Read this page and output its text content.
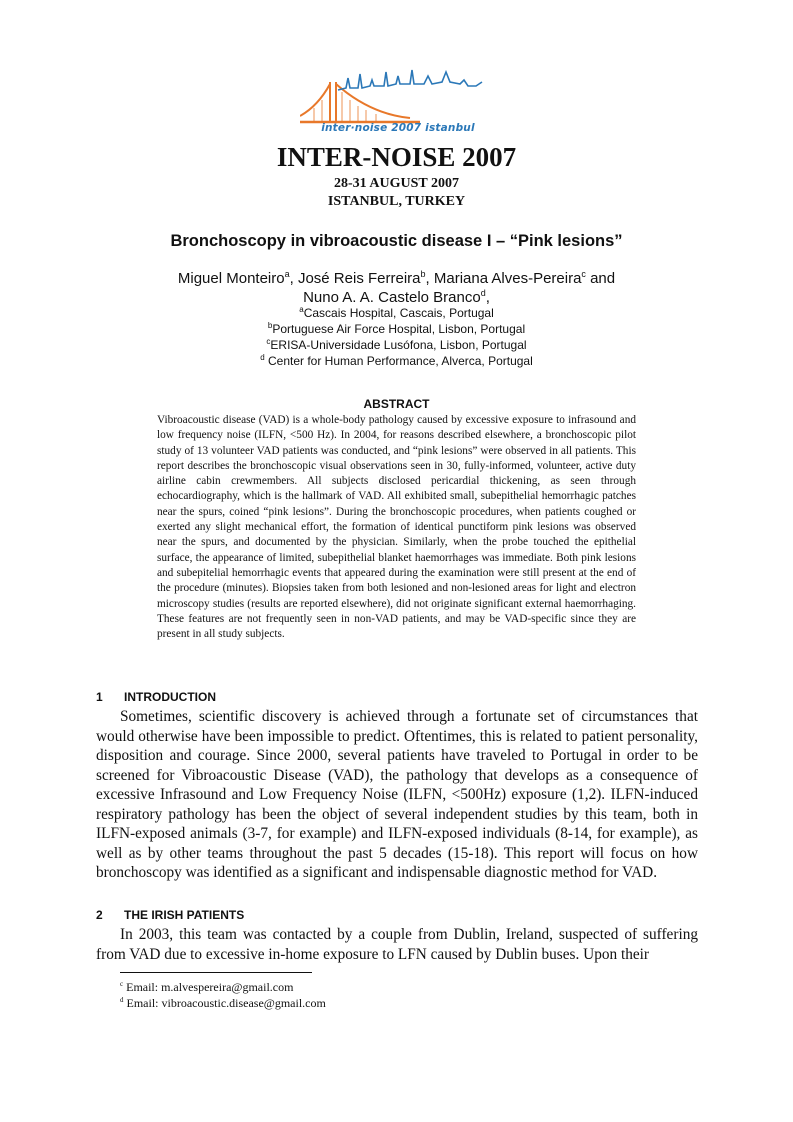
inter·noise 2007 istanbul
INTER-NOISE 2007
28-31 AUGUST 2007
ISTANBUL, TURKEY
Bronchoscopy in vibroacoustic disease I – “Pink lesions”
Miguel Monteiro$^a$, José Reis Ferreira$^b$, Mariana Alves-Pereira$^c$ and
Nuno A. A. Castelo Branco$^d$,
$^a$Cascais Hospital, Cascais, Portugal
$^b$Portuguese Air Force Hospital, Lisbon, Portugal
$^c$ERISA-Universidade Lusófona, Lisbon, Portugal
$^d$ Center for Human Performance, Alverca, Portugal
ABSTRACT

Vibroacoustic disease (VAD) is a whole-body pathology caused by excessive exposure to infrasound and low frequency noise (ILFN, <500 Hz). In 2004, for reasons described elsewhere, a bronchoscopic pilot study of 13 volunteer VAD patients was conducted, and “pink lesions” were observed in all patients. This report describes the bronchoscopic visual observations seen in 30, fully-informed, volunteer, active duty airline cabin crewmembers. All subjects disclosed pericardial thickening, as seen through echocardiography, which is the hallmark of VAD. All exhibited small, subepithelial hemorrhagic patches near the spurs, coined “pink lesions”. During the bronchoscopic procedures, when patients coughed or exerted any slight mechanical effort, the formation of identical punctiform pink lesions was observed near the spurs, and documented by the physician. Similarly, when the probe touched the epithelial surface, the appearance of limited, subepithelial blanket haemorrhages was immediate. Both pink lesions and subepitelial hemorrhagic events that appeared during the examination were still present at the end of the procedure (minutes). Biopsies taken from both lesioned and non-lesioned areas for light and electron microscopy studies (results are reported elsewhere), did not originate significant external haemorrhaging. These features are not frequently seen in non-VAD patients, and may be VAD-specific since they are present in all study subjects.

1 INTRODUCTION

Sometimes, scientific discovery is achieved through a fortunate set of circumstances that would otherwise have been impossible to predict. Oftentimes, this is related to patient personality, disposition and courage. Since 2000, several patients have traveled to Portugal in order to be screened for Vibroacoustic Disease (VAD), the pathology that develops as a consequence of excessive Infrasound and Low Frequency Noise (ILFN, <500Hz) exposure (1,2). ILFN-induced respiratory pathology has been the object of several independent studies by this team, both in ILFN-exposed animals (3-7, for example) and ILFN-exposed individuals (8-14, for example), as well as by other teams throughout the past 5 decades (15-18). This report will focus on how bronchoscopy was identified as a significant and indispensable diagnostic method for VAD.

2 THE IRISH PATIENTS

In 2003, this team was contacted by a couple from Dublin, Ireland, suspected of suffering from VAD due to excessive in-home exposure to LFN caused by Dublin buses. Upon their

$^c$ Email: m.alvespereira@gmail.com
$^d$ Email: vibroacoustic.disease@gmail.com
